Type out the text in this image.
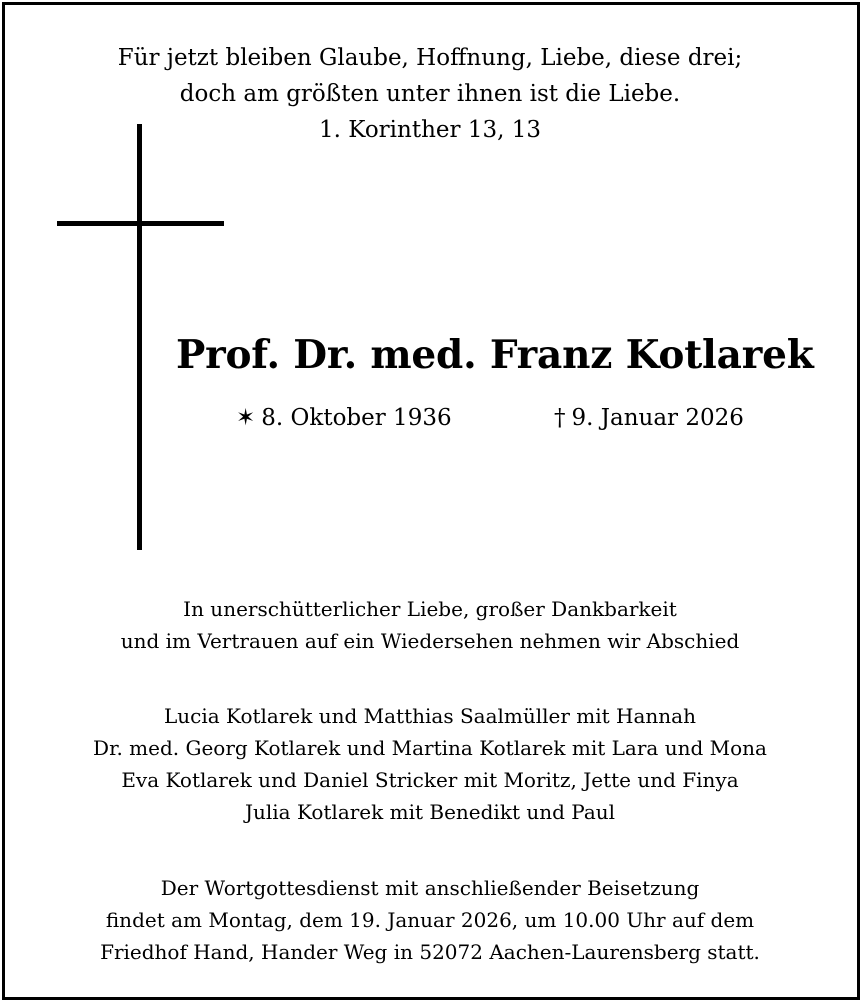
Für jetzt bleiben Glaube, Hoffnung, Liebe, diese drei;
doch am größten unter ihnen ist die Liebe.
1. Korinther 13, 13
Prof. Dr. med. Franz Kotlarek
✶ 8. Oktober 1936	† 9. Januar 2026
In unerschütterlicher Liebe, großer Dankbarkeit
und im Vertrauen auf ein Wiedersehen nehmen wir Abschied
Lucia Kotlarek und Matthias Saalmüller mit Hannah
Dr. med. Georg Kotlarek und Martina Kotlarek mit Lara und Mona
Eva Kotlarek und Daniel Stricker mit Moritz, Jette und Finya
Julia Kotlarek mit Benedikt und Paul
Der Wortgottesdienst mit anschließender Beisetzung
findet am Montag, dem 19. Januar 2026, um 10.00 Uhr auf dem
Friedhof Hand, Hander Weg in 52072 Aachen-Laurensberg statt.
